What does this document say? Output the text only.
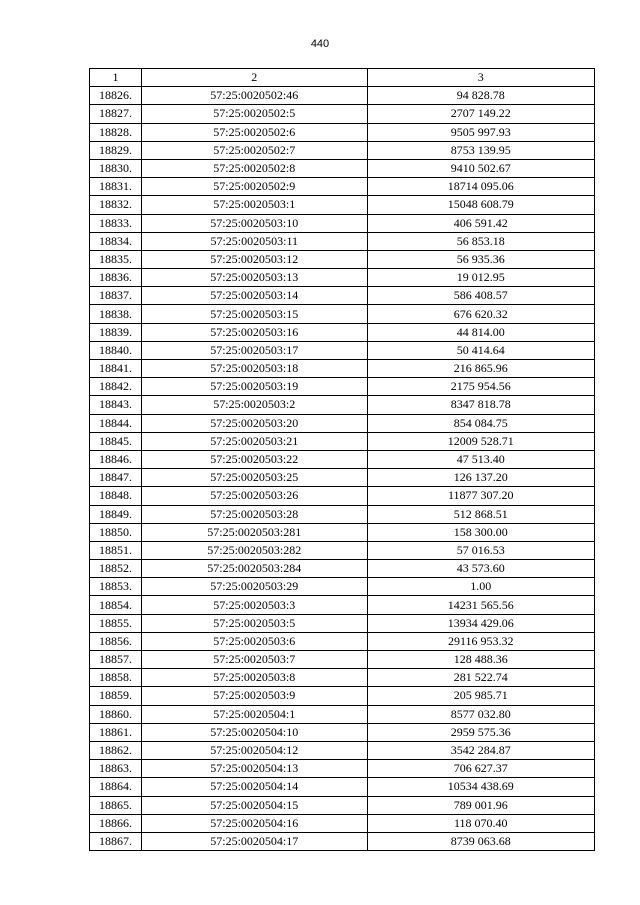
440
1	2	3
18826.	57:25:0020502:46	94 828.78
18827.	57:25:0020502:5	2707 149.22
18828.	57:25:0020502:6	9505 997.93
18829.	57:25:0020502:7	8753 139.95
18830.	57:25:0020502:8	9410 502.67
18831.	57:25:0020502:9	18714 095.06
18832.	57:25:0020503:1	15048 608.79
18833.	57:25:0020503:10	406 591.42
18834.	57:25:0020503:11	56 853.18
18835.	57:25:0020503:12	56 935.36
18836.	57:25:0020503:13	19 012.95
18837.	57:25:0020503:14	586 408.57
18838.	57:25:0020503:15	676 620.32
18839.	57:25:0020503:16	44 814.00
18840.	57:25:0020503:17	50 414.64
18841.	57:25:0020503:18	216 865.96
18842.	57:25:0020503:19	2175 954.56
18843.	57:25:0020503:2	8347 818.78
18844.	57:25:0020503:20	854 084.75
18845.	57:25:0020503:21	12009 528.71
18846.	57:25:0020503:22	47 513.40
18847.	57:25:0020503:25	126 137.20
18848.	57:25:0020503:26	11877 307.20
18849.	57:25:0020503:28	512 868.51
18850.	57:25:0020503:281	158 300.00
18851.	57:25:0020503:282	57 016.53
18852.	57:25:0020503:284	43 573.60
18853.	57:25:0020503:29	1.00
18854.	57:25:0020503:3	14231 565.56
18855.	57:25:0020503:5	13934 429.06
18856.	57:25:0020503:6	29116 953.32
18857.	57:25:0020503:7	128 488.36
18858.	57:25:0020503:8	281 522.74
18859.	57:25:0020503:9	205 985.71
18860.	57:25:0020504:1	8577 032.80
18861.	57:25:0020504:10	2959 575.36
18862.	57:25:0020504:12	3542 284.87
18863.	57:25:0020504:13	706 627.37
18864.	57:25:0020504:14	10534 438.69
18865.	57:25:0020504:15	789 001.96
18866.	57:25:0020504:16	118 070.40
18867.	57:25:0020504:17	8739 063.68
